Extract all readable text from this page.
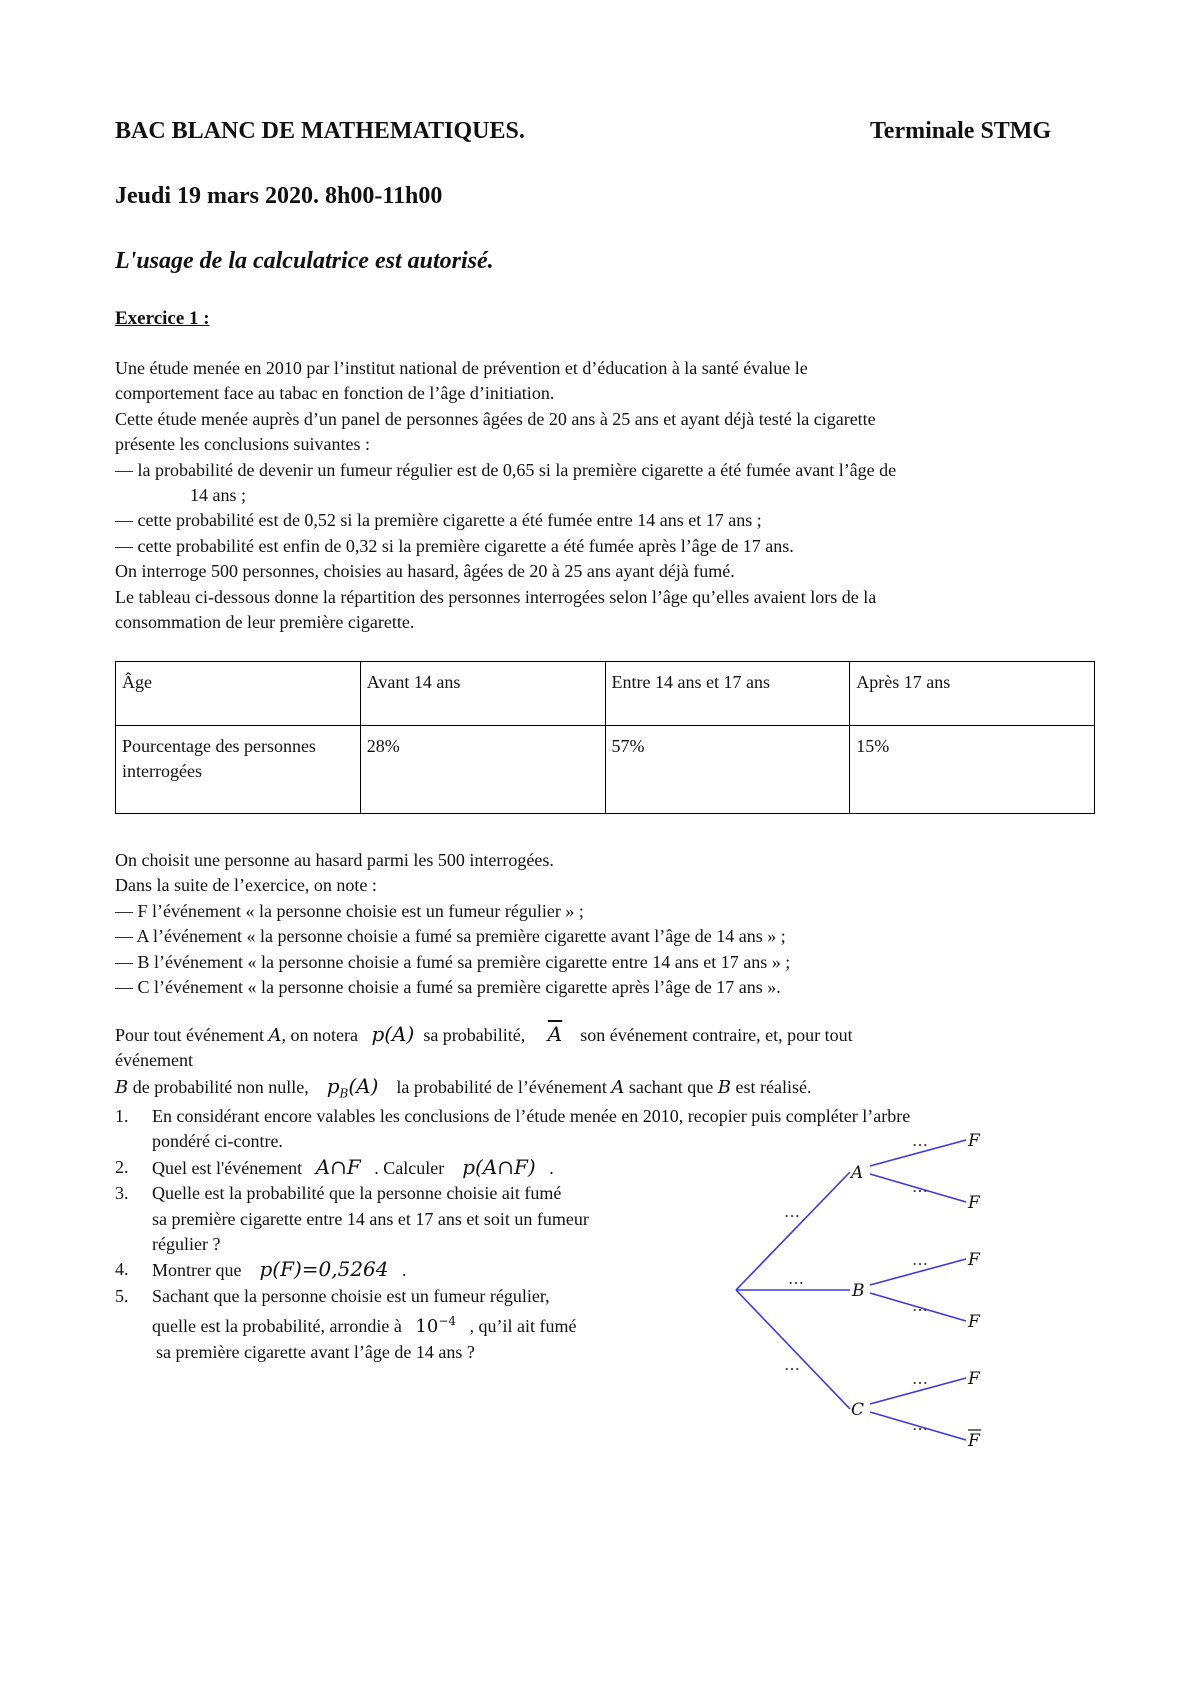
BAC BLANC DE MATHEMATIQUES.	Terminale STMG
Jeudi 19 mars 2020. 8h00-11h00
L'usage de la calculatrice est autorisé.
Exercice 1 :

Une étude menée en 2010 par l’institut national de prévention et d’éducation à la santé évalue le

comportement face au tabac en fonction de l’âge d’initiation.

Cette étude menée auprès d’un panel de personnes âgées de 20 ans à 25 ans et ayant déjà testé la cigarette

présente les conclusions suivantes :

— la probabilité de devenir un fumeur régulier est de 0,65 si la première cigarette a été fumée avant l’âge de

14 ans ;

— cette probabilité est de 0,52 si la première cigarette a été fumée entre 14 ans et 17 ans ;

— cette probabilité est enfin de 0,32 si la première cigarette a été fumée après l’âge de 17 ans.

On interroge 500 personnes, choisies au hasard, âgées de 20 à 25 ans ayant déjà fumé.

Le tableau ci-dessous donne la répartition des personnes interrogées selon l’âge qu’elles avaient lors de la

consommation de leur première cigarette.

Âge	Avant 14 ans	Entre 14 ans et 17 ans	Après 17 ans
Pourcentage des personnes interrogées	28%	57%	15%

On choisit une personne au hasard parmi les 500 interrogées.

Dans la suite de l’exercice, on note :

— F l’événement « la personne choisie est un fumeur régulier » ;

— A l’événement « la personne choisie a fumé sa première cigarette avant l’âge de 14 ans » ;

— B l’événement « la personne choisie a fumé sa première cigarette entre 14 ans et 17 ans » ;

— C l’événement « la personne choisie a fumé sa première cigarette après l’âge de 17 ans ».

Pour tout événement A, on notera   p(A)  sa probabilité,     $\overline{A}$    son événement contraire, et, pour tout

événement

B de probabilité non nulle,    $p_B(A)$    la probabilité de l’événement A sachant que B est réalisé.

1. En considérant encore valables les conclusions de l’étude menée en 2010, recopier puis compléter l’arbre
pondéré ci-contre.
2. Quel est l'événement   A∩F   . Calculer    p(A∩F)   .
3. Quelle est la probabilité que la personne choisie ait fumé
sa première cigarette entre 14 ans et 17 ans et soit un fumeur
régulier ?
4. Montrer que    p(F)=0,5264   .
5. Sachant que la personne choisie est un fumeur régulier,
quelle est la probabilité, arrondie à   $10^{-4}$   , qu’il ait fumé
sa première cigarette avant l’âge de 14 ans ?
A
B
C
F
F
F
F
F
F
…
…
…
…
…
…
…
…
…
